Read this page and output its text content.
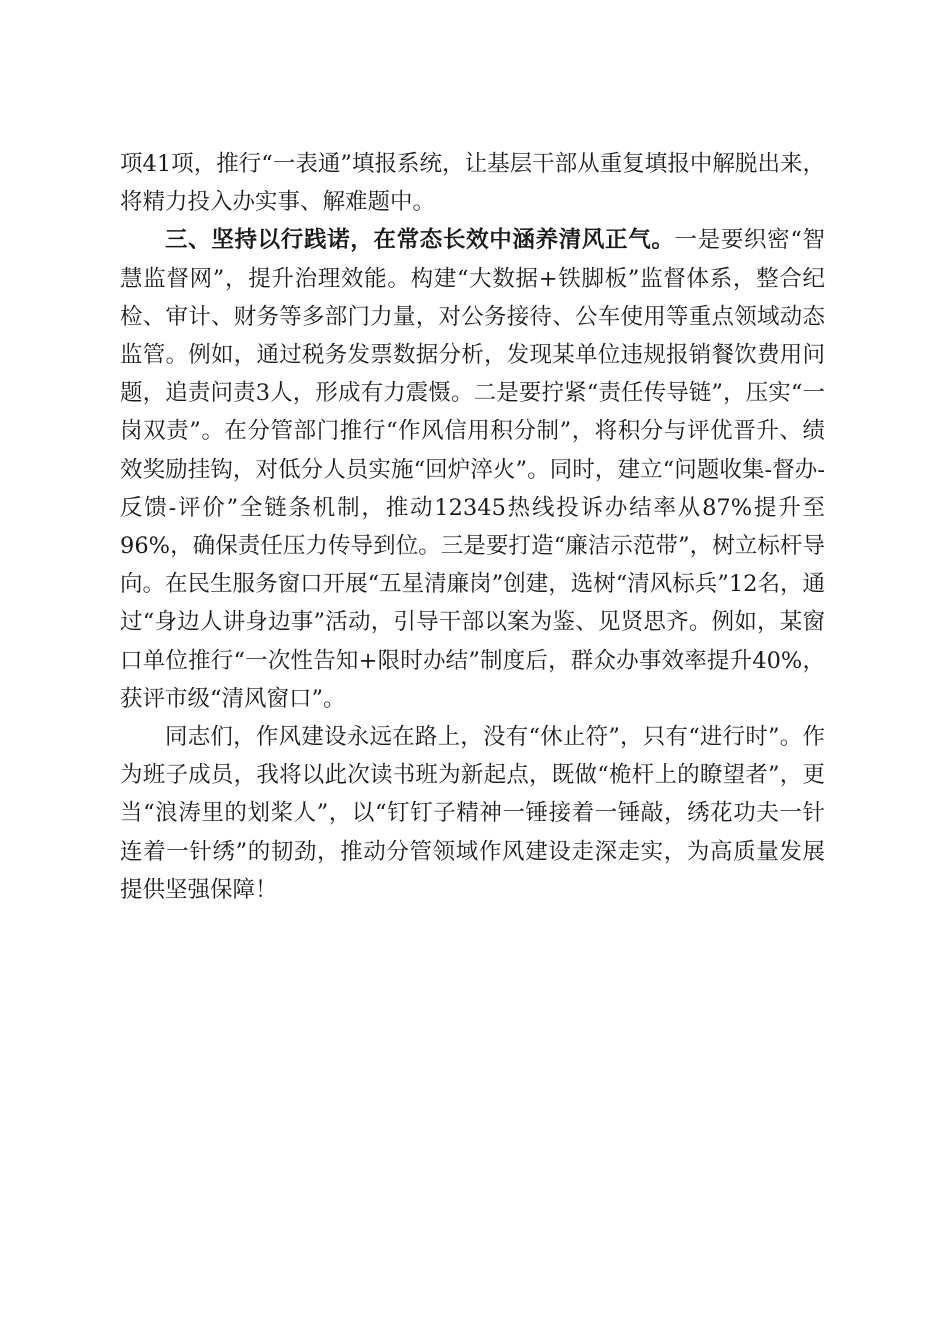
项41项，推行“一表通”填报系统，让基层干部从重复填报中解脱出来，将精力投入办实事、解难题中。

三、坚持以行践诺，在常态长效中涵养清风正气。一是要织密“智慧监督网”，提升治理效能。构建“大数据+铁脚板”监督体系，整合纪检、审计、财务等多部门力量，对公务接待、公车使用等重点领域动态监管。例如，通过税务发票数据分析，发现某单位违规报销餐饮费用问题，追责问责3人，形成有力震慑。二是要拧紧“责任传导链”，压实“一岗双责”。在分管部门推行“作风信用积分制”，将积分与评优晋升、绩效奖励挂钩，对低分人员实施“回炉淬火”。同时，建立“问题收集-督办-反馈-评价”全链条机制，推动12345热线投诉办结率从87%提升至96%，确保责任压力传导到位。三是要打造“廉洁示范带”，树立标杆导向。在民生服务窗口开展“五星清廉岗”创建，选树“清风标兵”12名，通过“身边人讲身边事”活动，引导干部以案为鉴、见贤思齐。例如，某窗口单位推行“一次性告知+限时办结”制度后，群众办事效率提升40%，获评市级“清风窗口”。

同志们，作风建设永远在路上，没有“休止符”，只有“进行时”。作为班子成员，我将以此次读书班为新起点，既做“桅杆上的瞭望者”，更当“浪涛里的划桨人”，以“钉钉子精神一锤接着一锤敲，绣花功夫一针连着一针绣”的韧劲，推动分管领域作风建设走深走实，为高质量发展提供坚强保障！
